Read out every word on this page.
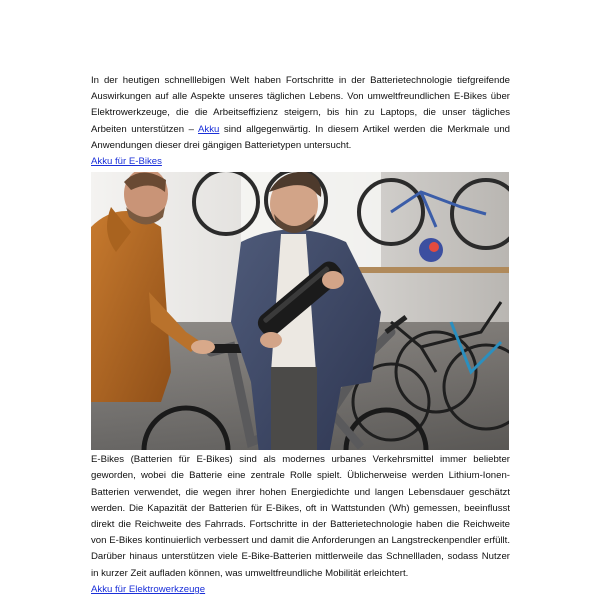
In der heutigen schnelllebigen Welt haben Fortschritte in der Batterietechnologie tiefgreifende Auswirkungen auf alle Aspekte unseres täglichen Lebens. Von umweltfreundlichen E-Bikes über Elektrowerkzeuge, die die Arbeitseffizienz steigern, bis hin zu Laptops, die unser tägliches Arbeiten unterstützen – Akku sind allgegenwärtig. In diesem Artikel werden die Merkmale und Anwendungen dieser drei gängigen Batterietypen untersucht.

Akku für E-Bikes

E-Bikes (Batterien für E-Bikes) sind als modernes urbanes Verkehrsmittel immer beliebter geworden, wobei die Batterie eine zentrale Rolle spielt. Üblicherweise werden Lithium-Ionen-Batterien verwendet, die wegen ihrer hohen Energiedichte und langen Lebensdauer geschätzt werden. Die Kapazität der Batterien für E-Bikes, oft in Wattstunden (Wh) gemessen, beeinflusst direkt die Reichweite des Fahrrads. Fortschritte in der Batterietechnologie haben die Reichweite von E-Bikes kontinuierlich verbessert und damit die Anforderungen an Langstreckenpendler erfüllt. Darüber hinaus unterstützen viele E-Bike-Batterien mittlerweile das Schnellladen, sodass Nutzer in kurzer Zeit aufladen können, was umweltfreundliche Mobilität erleichtert.

Akku für Elektrowerkzeuge
